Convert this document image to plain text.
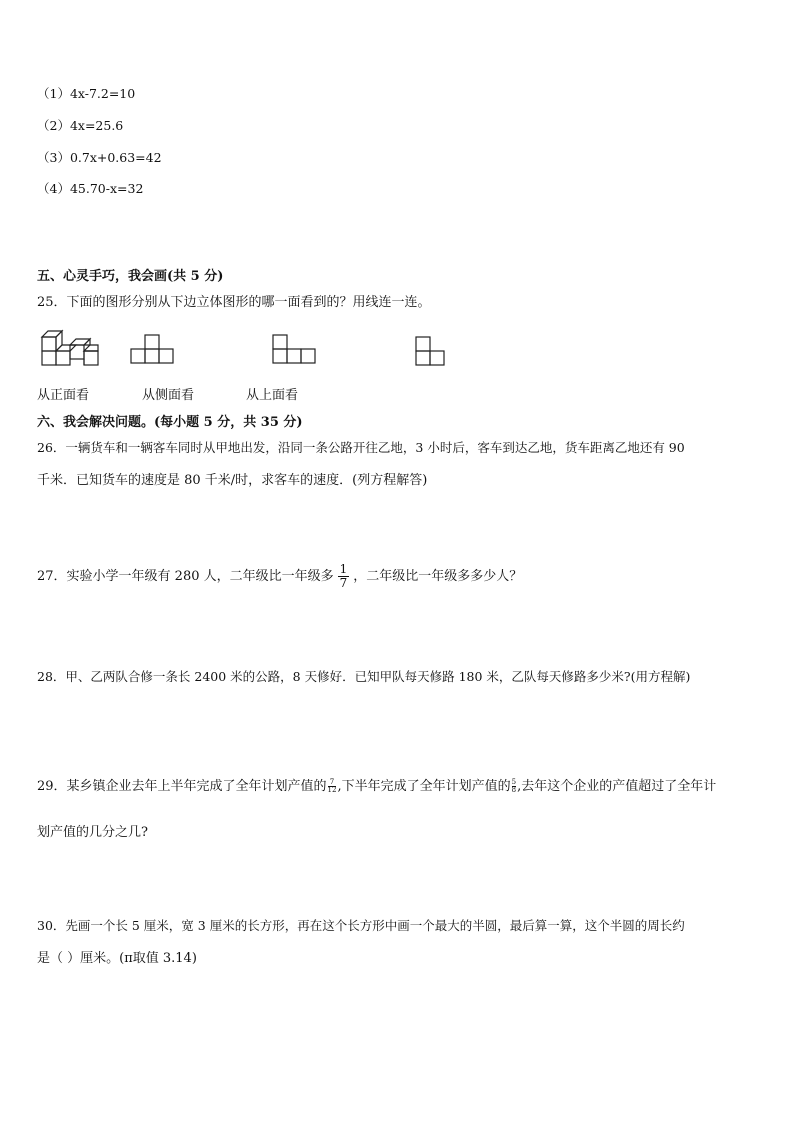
（1）4x-7.2=10
（2）4x=25.6
（3）0.7x+0.63=42
（4）45.70-x=32
五、心灵手巧，我会画(共 5 分)
25．下面的图形分别从下边立体图形的哪一面看到的？用线连一连。
从正面看	从侧面看	从上面看
六、我会解决问题。(每小题 5 分，共 35 分)
26．一辆货车和一辆客车同时从甲地出发，沿同一条公路开往乙地，3 小时后，客车到达乙地，货车距离乙地还有 90
千米．已知货车的速度是 80 千米/时，求客车的速度．(列方程解答)
27．实验小学一年级有 280 人，二年级比一年级多 $\frac{1}{7}$ ，二年级比一年级多多少人？
28．甲、乙两队合修一条长 2400 米的公路，8 天修好．已知甲队每天修路 180 米，乙队每天修路多少米?(用方程解)
29．某乡镇企业去年上半年完成了全年计划产值的 $\frac{7}{12}$ ,下半年完成了全年计划产值的 $\frac{5}{8}$ ,去年这个企业的产值超过了全年计
划产值的几分之几?
30．先画一个长 5 厘米，宽 3 厘米的长方形，再在这个长方形中画一个最大的半圆，最后算一算，这个半圆的周长约
是（ ）厘米。(π取值 3.14)
